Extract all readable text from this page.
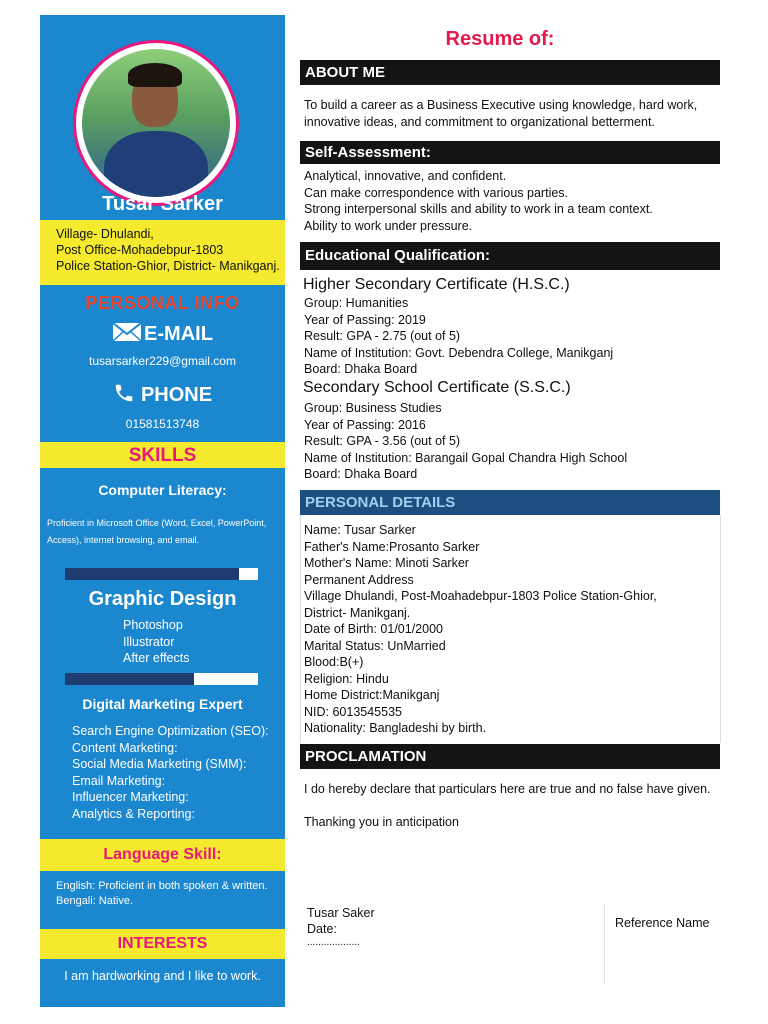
Tusar Sarker
Village- Dhulandi,
Post Office-Mohadebpur-1803
Police Station-Ghior, District- Manikganj.
PERSONAL INFO
E-MAIL
tusarsarker229@gmail.com
PHONE
01581513748
SKILLS
Computer Literacy:
Proficient in Microsoft Office (Word, Excel, PowerPoint,
Access), internet browsing, and email.
Graphic Design
Photoshop
Illustrator
After effects
Digital Marketing Expert
Search Engine Optimization (SEO):
Content Marketing:
Social Media Marketing (SMM):
Email Marketing:
Influencer Marketing:
Analytics & Reporting:
Language Skill:
English: Proficient in both spoken & written.
Bengali: Native.
INTERESTS
I am hardworking and I like to work.
Resume of:
ABOUT ME
To build a career as a Business Executive using knowledge, hard work,
innovative ideas, and commitment to organizational betterment.
Self-Assessment:
Analytical, innovative, and confident.
Can make correspondence with various parties.
Strong interpersonal skills and ability to work in a team context.
Ability to work under pressure.
Educational Qualification:
Higher Secondary Certificate (H.S.C.)
Group: Humanities
Year of Passing: 2019
Result: GPA - 2.75 (out of 5)
Name of Institution: Govt. Debendra College, Manikganj
Board: Dhaka Board
Secondary School Certificate (S.S.C.)
Group: Business Studies
Year of Passing: 2016
Result: GPA - 3.56 (out of 5)
Name of Institution: Barangail Gopal Chandra High School
Board: Dhaka Board
PERSONAL DETAILS
Name: Tusar Sarker
Father's Name:Prosanto Sarker
Mother's Name: Minoti Sarker
Permanent Address
Village Dhulandi, Post-Moahadebpur-1803 Police Station-Ghior,
District- Manikganj.
Date of Birth: 01/01/2000
Marital Status: UnMarried
Blood:B(+)
Religion: Hindu
Home District:Manikganj
NID: 6013545535
Nationality: Bangladeshi by birth.
PROCLAMATION
I do hereby declare that particulars here are true and no false have given.
Thanking you in anticipation
Tusar Saker
Date:
...................
Reference Name
